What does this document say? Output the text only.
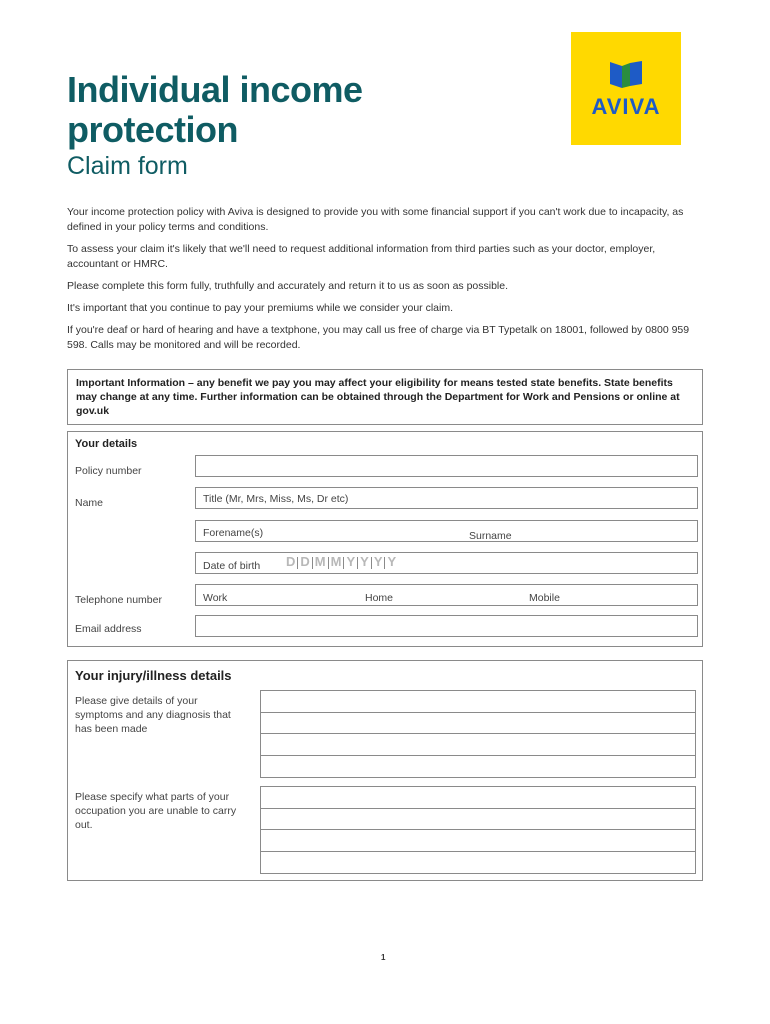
Individual income protection
Claim form
AVIVA

Your income protection policy with Aviva is designed to provide you with some financial support if you can't work due to incapacity, as defined in your policy terms and conditions.

To assess your claim it's likely that we'll need to request additional information from third parties such as your doctor, employer, accountant or HMRC.

Please complete this form fully, truthfully and accurately and return it to us as soon as possible.

It's important that you continue to pay your premiums while we consider your claim.

If you're deaf or hard of hearing and have a textphone, you may call us free of charge via BT Typetalk on 18001, followed by 0800 959 598. Calls may be monitored and will be recorded.

Important Information – any benefit we pay you may affect your eligibility for means tested state benefits. State benefits may change at any time. Further information can be obtained through the Department for Work and Pensions or online at gov.uk
Your details
Policy number
Name	Title (Mr, Mrs, Miss, Ms, Dr etc)
Forename(s)	Surname
Date of birth D D M M Y Y Y Y
Telephone number	Work	Home	Mobile
Email address
Your injury/illness details
Please give details of your symptoms and any diagnosis that has been made
Please specify what parts of your occupation you are unable to carry out.
1
